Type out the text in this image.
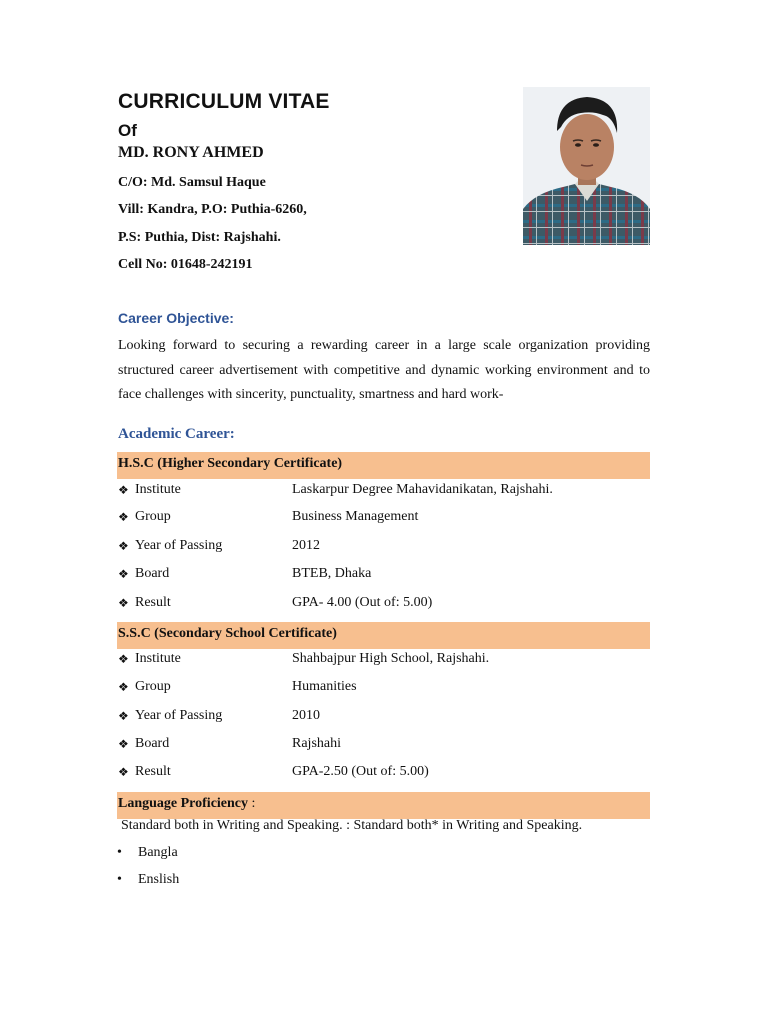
CURRICULUM VITAE
Of
MD. RONY AHMED
C/O: Md. Samsul Haque
Vill: Kandra, P.O: Puthia-6260,
P.S: Puthia, Dist: Rajshahi.
Cell No: 01648-242191
Career Objective:

Looking forward to securing a rewarding career in a large scale organization providing structured career advertisement with competitive and dynamic working environment and to face challenges with sincerity, punctuality, smartness and hard work-

Academic Career:
H.S.C (Higher Secondary Certificate)
❖ Institute	Laskarpur Degree Mahavidanikatan, Rajshahi.
❖ Group	Business Management
❖ Year of Passing	2012
❖ Board	BTEB, Dhaka
❖ Result	GPA- 4.00 (Out of: 5.00)
S.S.C (Secondary School Certificate)
❖ Institute	Shahbajpur High School, Rajshahi.
❖ Group	Humanities
❖ Year of Passing	2010
❖ Board	Rajshahi
❖ Result	GPA-2.50 (Out of: 5.00)
Language Proficiency :
Standard both in Writing and Speaking. : Standard both* in Writing and Speaking.
• Bangla
• Enslish
